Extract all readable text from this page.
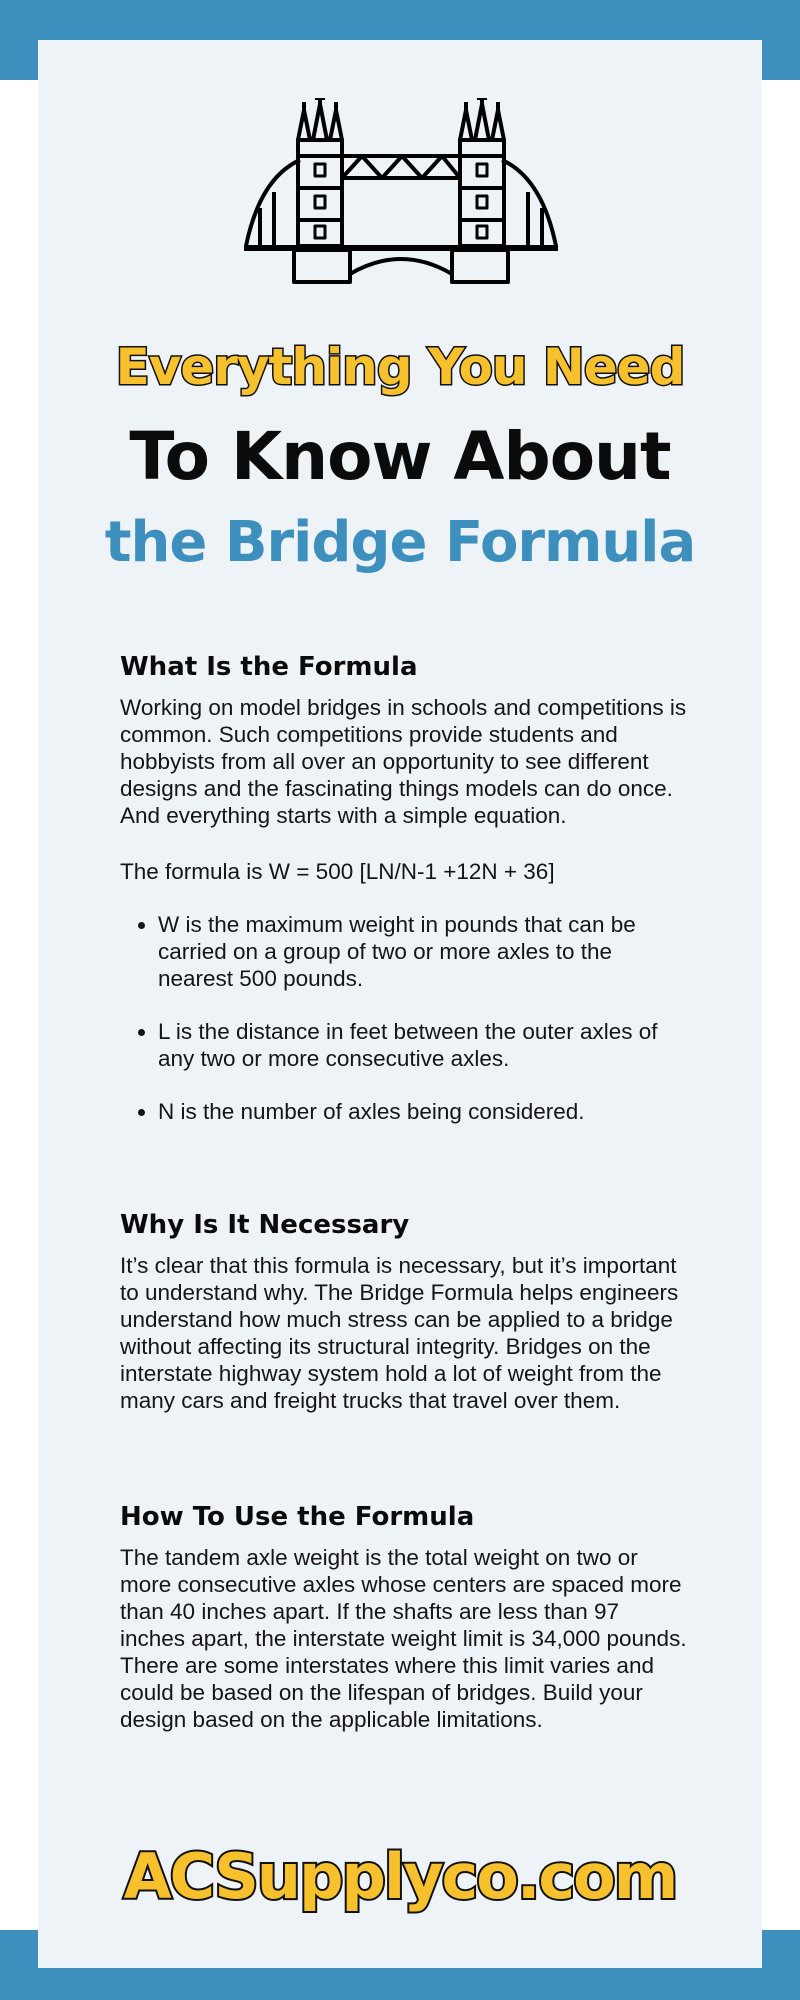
Everything You Need
To Know About
the Bridge Formula
What Is the Formula

Working on model bridges in schools and competitions is common. Such competitions provide students and hobbyists from all over an opportunity to see different designs and the fascinating things models can do once. And everything starts with a simple equation.

The formula is W = 500 [LN/N-1 +12N + 36]

• W is the maximum weight in pounds that can be carried on a group of two or more axles to the nearest 500 pounds.
• L is the distance in feet between the outer axles of any two or more consecutive axles.
• N is the number of axles being considered.
Why Is It Necessary

It’s clear that this formula is necessary, but it’s important to understand why. The Bridge Formula helps engineers understand how much stress can be applied to a bridge without affecting its structural integrity. Bridges on the interstate highway system hold a lot of weight from the many cars and freight trucks that travel over them.

How To Use the Formula

The tandem axle weight is the total weight on two or more consecutive axles whose centers are spaced more than 40 inches apart. If the shafts are less than 97 inches apart, the interstate weight limit is 34,000 pounds. There are some interstates where this limit varies and could be based on the lifespan of bridges. Build your design based on the applicable limitations.

ACSupplyco.com
